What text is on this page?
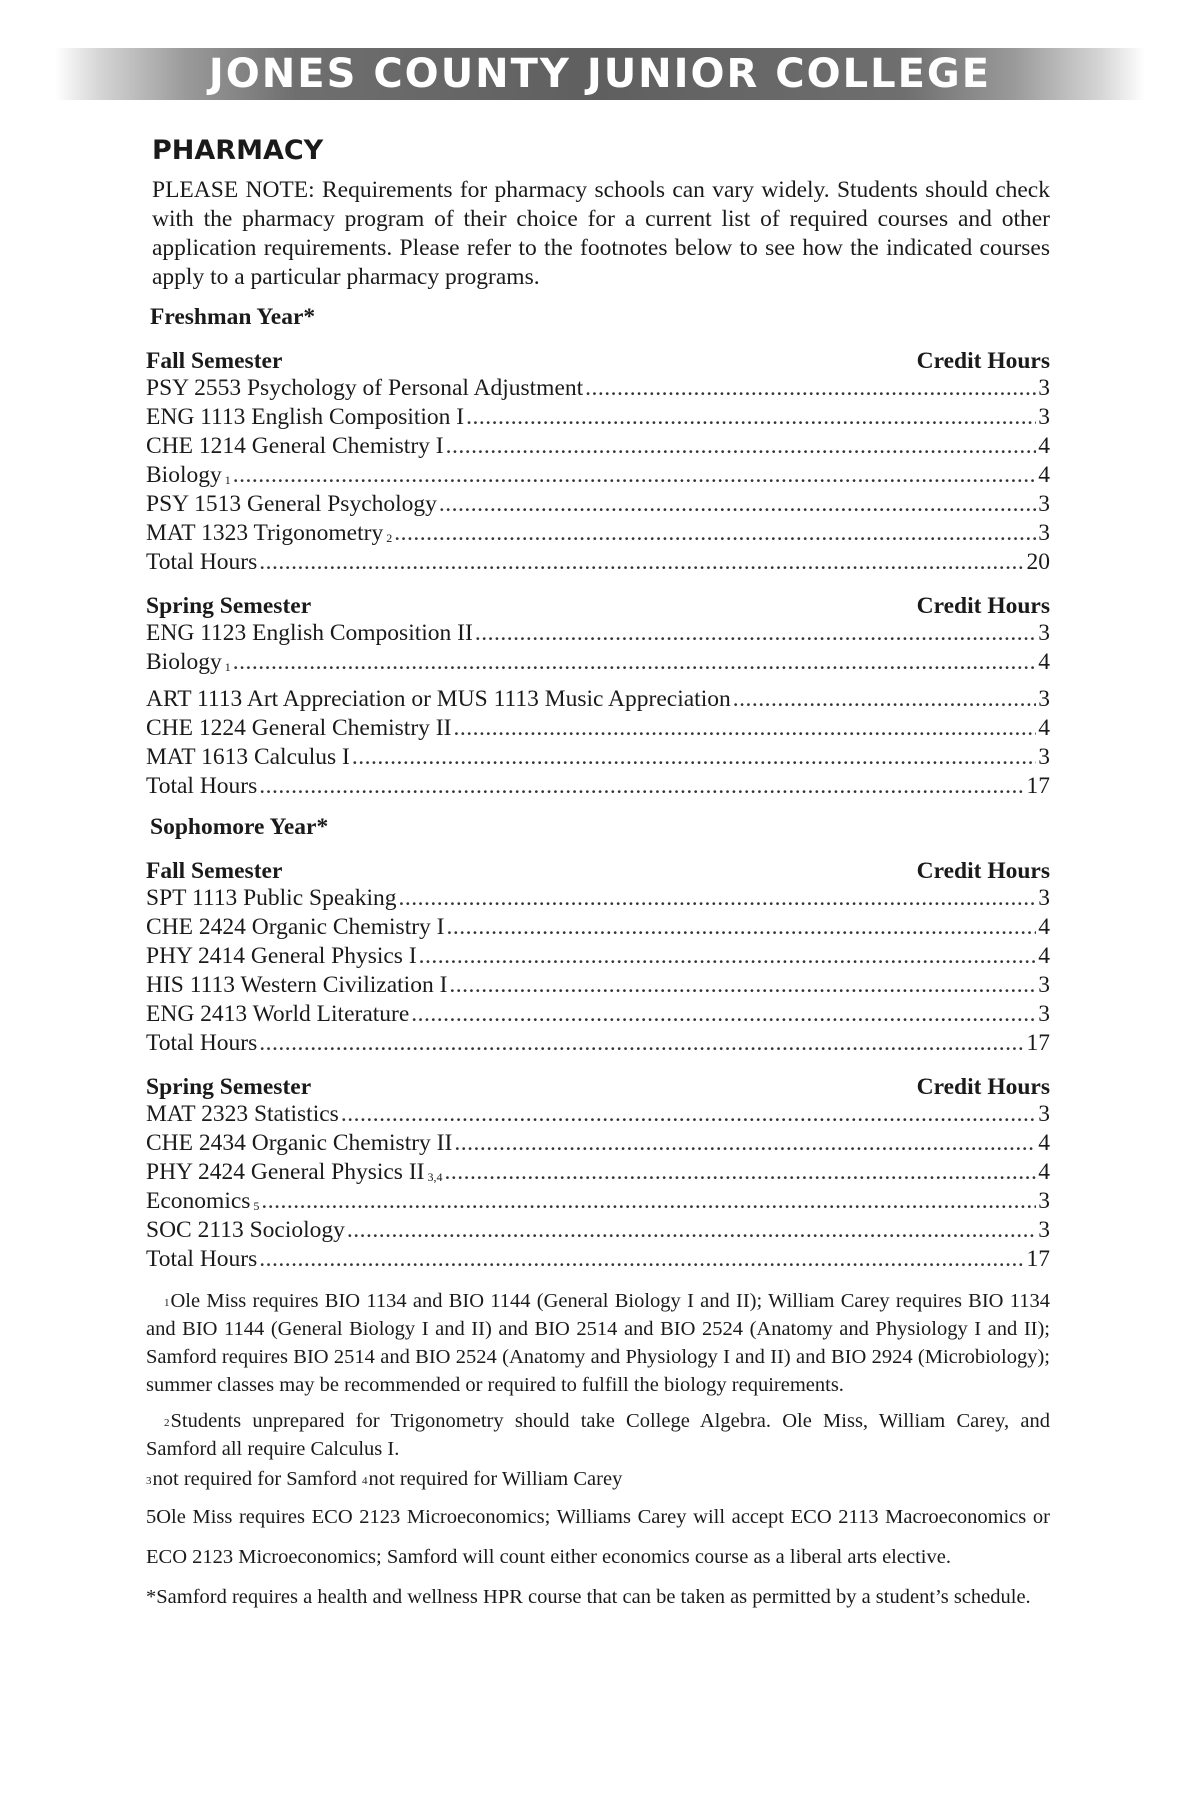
JONES COUNTY JUNIOR COLLEGE
PHARMACY
PLEASE NOTE: Requirements for pharmacy schools can vary widely. Students should check with the pharmacy program of their choice for a current list of required courses and other application requirements. Please refer to the footnotes below to see how the indicated courses apply to a particular pharmacy programs.
Freshman Year*
Fall Semester	Credit Hours
PSY 2553 Psychology of Personal Adjustment .....	3
ENG 1113 English Composition I .....	3
CHE 1214 General Chemistry I .....	4
Biology $^1$ .....	4
PSY 1513 General Psychology .....	3
MAT 1323 Trigonometry $^2$ .....	3
Total Hours .....	20
Spring Semester	Credit Hours
ENG 1123 English Composition II .....	3
Biology $^1$ .....	4
ART 1113 Art Appreciation or MUS 1113 Music Appreciation .....	3
CHE 1224 General Chemistry II .....	4
MAT 1613 Calculus I .....	3
Total Hours .....	17
Sophomore Year*
Fall Semester	Credit Hours
SPT 1113 Public Speaking .....	3
CHE 2424 Organic Chemistry I .....	4
PHY 2414 General Physics I .....	4
HIS 1113 Western Civilization I .....	3
ENG 2413 World Literature .....	3
Total Hours .....	17
Spring Semester	Credit Hours
MAT 2323 Statistics .....	3
CHE 2434 Organic Chemistry II .....	4
PHY 2424 General Physics II $^{3,4}$ .....	4
Economics $^5$ .....	3
SOC 2113 Sociology .....	3
Total Hours .....	17

$^1$Ole Miss requires BIO 1134 and BIO 1144 (General Biology I and II); William Carey requires BIO 1134 and BIO 1144 (General Biology I and II) and BIO 2514 and BIO 2524 (Anatomy and Physiology I and II); Samford requires BIO 2514 and BIO 2524 (Anatomy and Physiology I and II) and BIO 2924 (Microbiology); summer classes may be recommended or required to fulfill the biology requirements.

$^2$Students unprepared for Trigonometry should take College Algebra. Ole Miss, William Carey, and Samford all require Calculus I.

$^3$not required for Samford $^4$not required for William Carey

5Ole Miss requires ECO 2123 Microeconomics; Williams Carey will accept ECO 2113 Macroeconomics or ECO 2123 Microeconomics; Samford will count either economics course as a liberal arts elective.

*Samford requires a health and wellness HPR course that can be taken as permitted by a student’s schedule.
